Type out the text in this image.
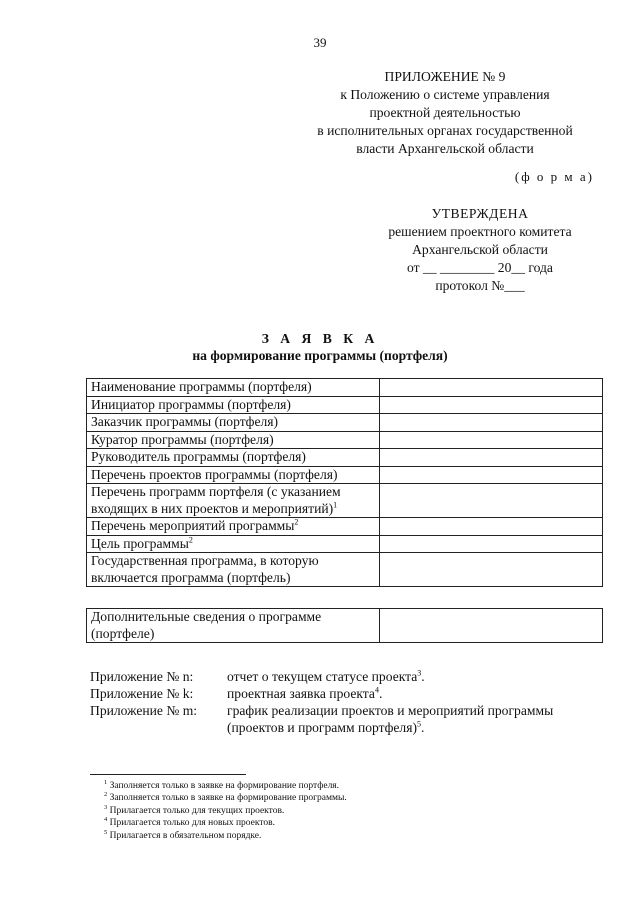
39
ПРИЛОЖЕНИЕ № 9
к Положению о системе управления
проектной деятельностью
в исполнительных органах государственной
власти Архангельской области
(ф о р м а)
УТВЕРЖДЕНА
решением проектного комитета
Архангельской области
от __ ________ 20__ года
протокол №___
З А Я В К А
на формирование программы (портфеля)
Наименование программы (портфеля)	
Инициатор программы (портфеля)	
Заказчик программы (портфеля)	
Куратор программы (портфеля)	
Руководитель программы (портфеля)	
Перечень проектов программы (портфеля)	
Перечень программ портфеля (с указанием входящих в них проектов и мероприятий)$^1$	
Перечень мероприятий программы$^2$	
Цель программы$^2$	
Государственная программа, в которую включается программа (портфель)	
Дополнительные сведения о программе (портфеле)	
Приложение № n:	отчет о текущем статусе проекта$^3$.
Приложение № k:	проектная заявка проекта$^4$.
Приложение № m:	график реализации проектов и мероприятий программы (проектов и программ портфеля)$^5$.
$^1$ Заполняется только в заявке на формирование портфеля.
$^2$ Заполняется только в заявке на формирование программы.
$^3$ Прилагается только для текущих проектов.
$^4$ Прилагается только для новых проектов.
$^5$ Прилагается в обязательном порядке.
